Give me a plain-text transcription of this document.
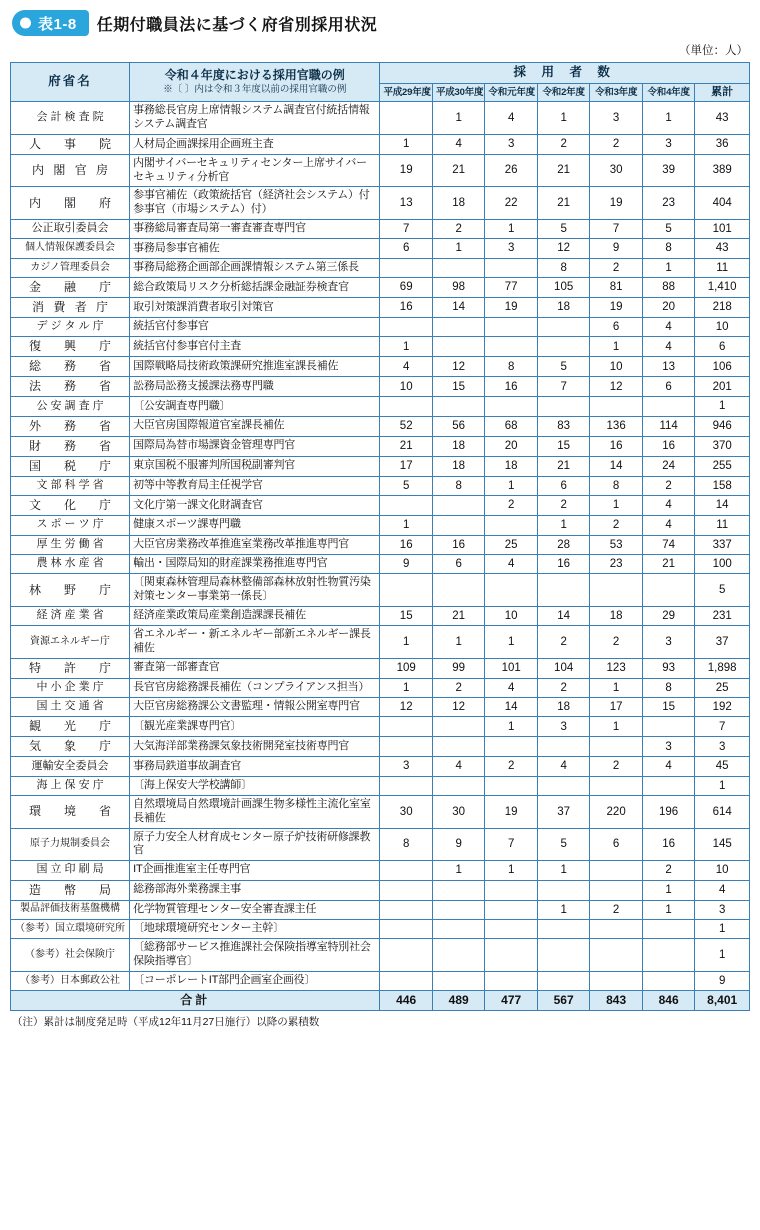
表1-8	任期付職員法に基づく府省別採用状況
（単位：人）
府省名	令和４年度における採用官職の例
※〔 〕内は令和３年度以前の採用官職の例	採 用 者 数						
		平成29年度	平成30年度	令和元年度	令和2年度	令和3年度	令和4年度	累計
会 計 検 査 院	事務総長官房上席情報システム調査官付統括情報システム調査官		1	4	1	3	1	43
人　事　院	人材局企画課採用企画班主査	1	4	3	2	2	3	36
内 閣 官 房	内閣サイバーセキュリティセンター上席サイバーセキュリティ分析官	19	21	26	21	30	39	389
内　閣　府	参事官補佐（政策統括官（経済社会システム）付参事官（市場システム）付）	13	18	22	21	19	23	404
公正取引委員会	事務総局審査局第一審査審査専門官	7	2	1	5	7	5	101
個人情報保護委員会	事務局参事官補佐	6	1	3	12	9	8	43
カジノ管理委員会	事務局総務企画部企画課情報システム第三係長				8	2	1	11
金　融　庁	総合政策局リスク分析総括課金融証券検査官	69	98	77	105	81	88	1,410
消 費 者 庁	取引対策課消費者取引対策官	16	14	19	18	19	20	218
デ ジ タ ル 庁	統括官付参事官					6	4	10
復　興　庁	統括官付参事官付主査	1				1	4	6
総　務　省	国際戦略局技術政策課研究推進室課長補佐	4	12	8	5	10	13	106
法　務　省	訟務局訟務支援課法務専門職	10	15	16	7	12	6	201
公 安 調 査 庁	〔公安調査専門職〕							1
外　務　省	大臣官房国際報道官室課長補佐	52	56	68	83	136	114	946
財　務　省	国際局為替市場課資金管理専門官	21	18	20	15	16	16	370
国　税　庁	東京国税不服審判所国税副審判官	17	18	18	21	14	24	255
文 部 科 学 省	初等中等教育局主任視学官	5	8	1	6	8	2	158
文　化　庁	文化庁第一課文化財調査官			2	2	1	4	14
ス ポ ー ツ 庁	健康スポーツ課専門職	1			1	2	4	11
厚 生 労 働 省	大臣官房業務改革推進室業務改革推進専門官	16	16	25	28	53	74	337
農 林 水 産 省	輸出・国際局知的財産課業務推進専門官	9	6	4	16	23	21	100
林　野　庁	〔関東森林管理局森林整備部森林放射性物質汚染対策センター事業第一係長〕							5
経 済 産 業 省	経済産業政策局産業創造課課長補佐	15	21	10	14	18	29	231
資源エネルギー庁	省エネルギー・新エネルギー部新エネルギー課長補佐	1	1	1	2	2	3	37
特　許　庁	審査第一部審査官	109	99	101	104	123	93	1,898
中 小 企 業 庁	長官官房総務課長補佐（コンプライアンス担当）	1	2	4	2	1	8	25
国 土 交 通 省	大臣官房総務課公文書監理・情報公開室専門官	12	12	14	18	17	15	192
観　光　庁	〔観光産業課専門官〕			1	3	1		7
気　象　庁	大気海洋部業務課気象技術開発室技術専門官						3	3
運輸安全委員会	事務局鉄道事故調査官	3	4	2	4	2	4	45
海 上 保 安 庁	〔海上保安大学校講師〕							1
環　境　省	自然環境局自然環境計画課生物多様性主流化室室長補佐	30	30	19	37	220	196	614
原子力規制委員会	原子力安全人材育成センター原子炉技術研修課教官	8	9	7	5	6	16	145
国 立 印 刷 局	IT企画推進室主任専門官		1	1	1		2	10
造　幣　局	総務部海外業務課主事						1	4
製品評価技術基盤機構	化学物質管理センター安全審査課主任				1	2	1	3
（参考）国立環境研究所	〔地球環境研究センター主幹〕							1
（参考）社会保険庁	〔総務部サービス推進課社会保険指導室特別社会保険指導官〕							1
（参考）日本郵政公社	〔コーポレートIT部門企画室企画役〕							9
合計		446	489	477	567	843	846	8,401
（注）累計は制度発足時（平成12年11月27日施行）以降の累積数
